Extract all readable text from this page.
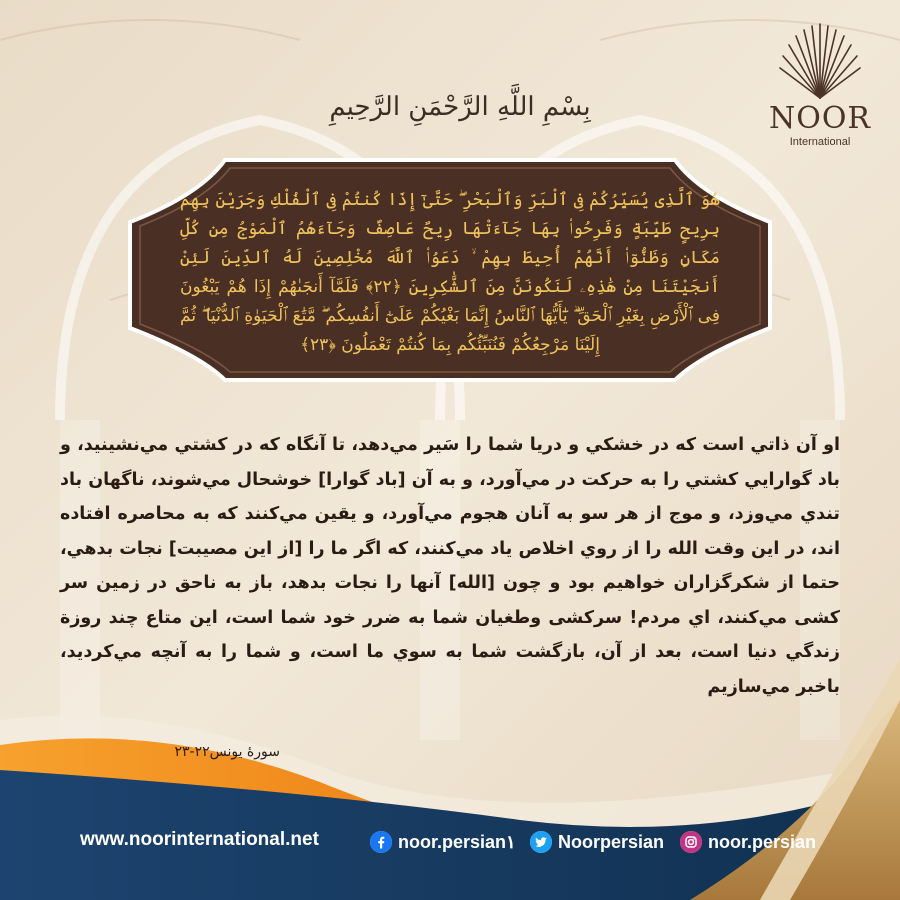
NOOR
International
بِسْمِ اللَّهِ الرَّحْمَنِ الرَّحِيمِ
هُوَ ٱلَّذِى يُسَيِّرُكُمْ فِى ٱلْبَرِّ وَٱلْبَحْرِ ۖ حَتَّىٰٓ إِذَا كُنتُمْ فِى ٱلْفُلْكِ وَجَرَيْنَ بِهِم بِرِيحٍ طَيِّبَةٍ وَفَرِحُوا۟ بِهَا جَآءَتْهَا رِيحٌ عَاصِفٌ وَجَآءَهُمُ ٱلْمَوْجُ مِن كُلِّ مَكَانٍ وَظَنُّوٓا۟ أَنَّهُمْ أُحِيطَ بِهِمْ ۙ دَعَوُا۟ ٱللَّهَ مُخْلِصِينَ لَهُ ٱلدِّينَ لَئِنْ أَنجَيْتَنَا مِنْ هَٰذِهِۦ لَنَكُونَنَّ مِنَ ٱلشَّٰكِرِينَ ﴿٢٢﴾ فَلَمَّآ أَنجَىٰهُمْ إِذَا هُمْ يَبْغُونَ فِى ٱلْأَرْضِ بِغَيْرِ ٱلْحَقِّ ۗ يَٰٓأَيُّهَا ٱلنَّاسُ إِنَّمَا بَغْيُكُمْ عَلَىٰٓ أَنفُسِكُم ۖ مَّتَٰعَ ٱلْحَيَوٰةِ ٱلدُّنْيَا ۖ ثُمَّ إِلَيْنَا مَرْجِعُكُمْ فَنُنَبِّئُكُم بِمَا كُنتُمْ تَعْمَلُونَ ﴿٢٣﴾
او آن ذاتي است كه در خشكي و دريا شما را سَير مي‌دهد، تا آنگاه كه در كشتي مي‌نشينيد، و باد گوارايي كشتي را به حركت در مي‌آورد، و به آن [باد گوارا] خوشحال مي‌شوند، ناگهان باد تندي مي‌وزد، و موج از هر سو به آنان هجوم مي‌آورد، و يقين مي‌كنند كه به محاصره افتاده اند، در اين وقت الله را از روي اخلاص ياد مي‌كنند، كه اگر ما را [از اين مصيبت] نجات بدهي، حتما از شكرگزاران خواهيم بود و چون [الله] آنها را نجات بدهد، باز به ناحق در زمين سر كشى مي‌كنند، اي مردم! سركشى وطغيان شما به ضرر خود شما است، اين متاع چند روزة زندگي دنيا است، بعد از آن، بازگشت شما به سوي ما است، و شما را به آنچه مي‌كرديد، باخبر مي‌سازيم
سورۀ یونس۲۲-۲۳
www.noorinternational.net	noor.persian١ Noorpersian noor.persian
